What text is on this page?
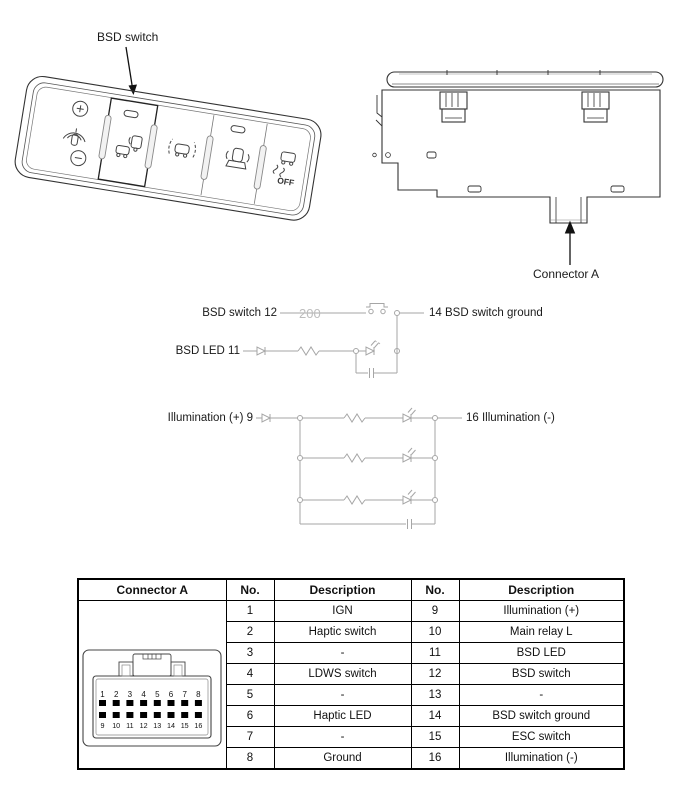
BSD switch
Connector A
OFF
200
BSD switch 12	14 BSD switch ground
BSD LED 11
Illumination (+) 9	16 Illumination (-)
Connector A	No.	Description	No.	Description

1 2 3 4 5 6 7 8
9 10 11 12 13 14 15 16
	1	IGN	9	Illumination (+)
	2	Haptic switch	10	Main relay L
	3	-	11	BSD LED
	4	LDWS switch	12	BSD switch
	5	-	13	-
	6	Haptic LED	14	BSD switch ground
	7	-	15	ESC switch
	8	Ground	16	Illumination (-)
